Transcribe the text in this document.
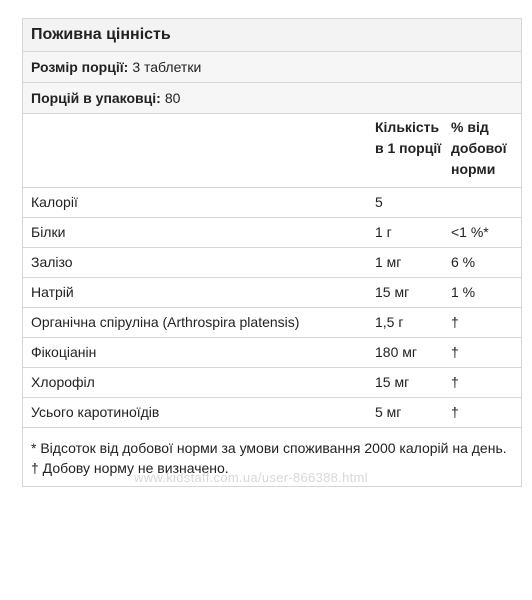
Поживна цінність
Розмір порції: 3 таблетки
Порцій в упаковці: 80
Кількість
в 1 порції
% від
добової
норми
Калорії	5
Білки	1 г	<1 %*
Залізо	1 мг	6 %
Натрій	15 мг	1 %
Органічна спіруліна (Arthrospira platensis)	1,5 г	†
Фікоціанін	180 мг †
Хлорофіл	15 мг	†
Усього каротиноїдів	5 мг	†
* Відсоток від добової норми за умови споживання 2000 калорій на день.
† Добову норму не визначено.
www.kidstaff.com.ua/user-866388.html
